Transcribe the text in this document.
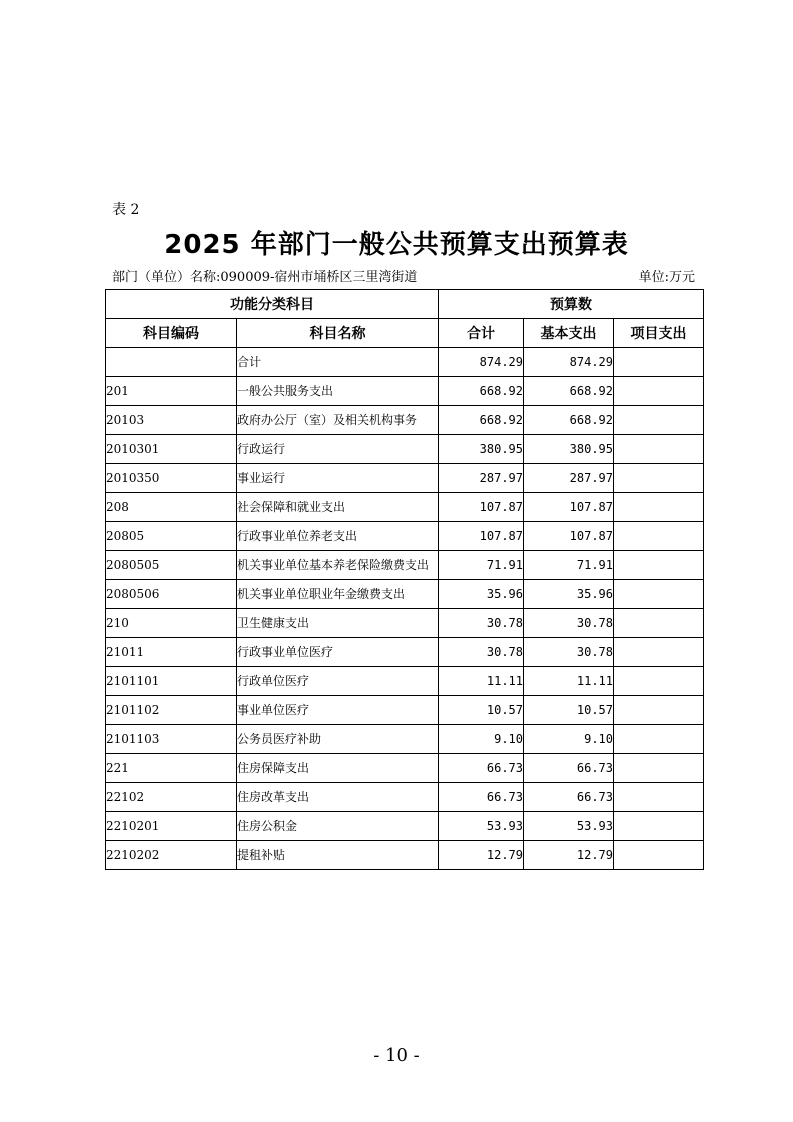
表 2
2025 年部门一般公共预算支出预算表
部门（单位）名称:090009-宿州市埇桥区三里湾街道	单位:万元
功能分类科目		预算数		
科目编码	科目名称	合计	基本支出	项目支出
	合计	874.29	874.29	
201	一般公共服务支出	668.92	668.92	
20103	政府办公厅（室）及相关机构事务	668.92	668.92	
2010301	行政运行	380.95	380.95	
2010350	事业运行	287.97	287.97	
208	社会保障和就业支出	107.87	107.87	
20805	行政事业单位养老支出	107.87	107.87	
2080505	机关事业单位基本养老保险缴费支出	71.91	71.91	
2080506	机关事业单位职业年金缴费支出	35.96	35.96	
210	卫生健康支出	30.78	30.78	
21011	行政事业单位医疗	30.78	30.78	
2101101	行政单位医疗	11.11	11.11	
2101102	事业单位医疗	10.57	10.57	
2101103	公务员医疗补助	9.10	9.10	
221	住房保障支出	66.73	66.73	
22102	住房改革支出	66.73	66.73	
2210201	住房公积金	53.93	53.93	
2210202	提租补贴	12.79	12.79	
- 10 -
